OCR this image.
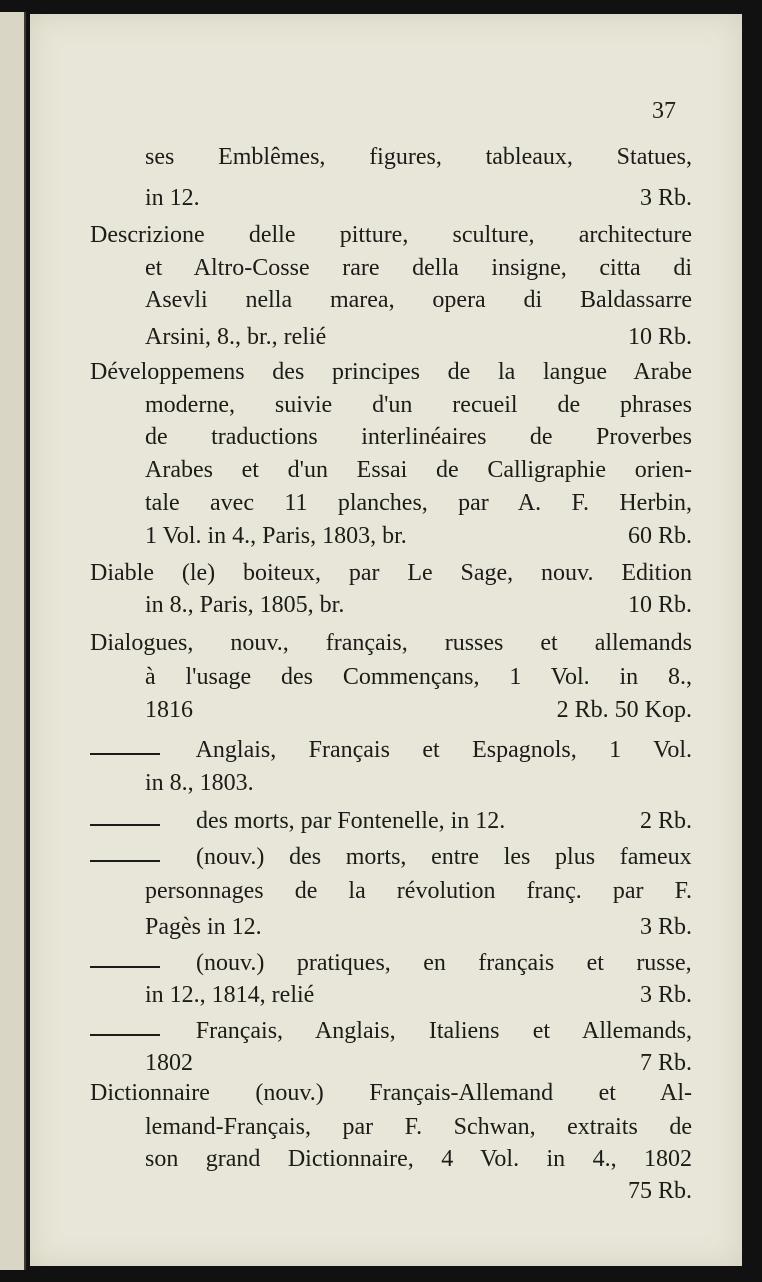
37
ses Emblêmes, figures, tableaux, Statues,
in 12.	3 Rb.
Descrizione delle pitture, sculture, architecture
et Altro-Cosse rare della insigne, citta di
Asevli nella marea, opera di Baldassarre
Arsini, 8., br., relié	10 Rb.
Développemens des principes de la langue Arabe
moderne, suivie d'un recueil de phrases
de traductions interlinéaires de Proverbes
Arabes et d'un Essai de Calligraphie orien-
tale avec 11 planches, par A. F. Herbin,
1 Vol. in 4., Paris, 1803, br.	60 Rb.
Diable (le) boiteux, par Le Sage, nouv. Edition
in 8., Paris, 1805, br.	10 Rb.
Dialogues, nouv., français, russes et allemands
à l'usage des Commençans, 1 Vol. in 8.,
1816	2 Rb. 50 Kop.
Anglais, Français et Espagnols, 1 Vol.
in 8., 1803.
des morts, par Fontenelle, in 12.	2 Rb.
(nouv.) des morts, entre les plus fameux
personnages de la révolution franç. par F.
Pagès in 12.	3 Rb.
(nouv.) pratiques, en français et russe,
in 12., 1814, relié	3 Rb.
Français, Anglais, Italiens et Allemands,
1802	7 Rb.
Dictionnaire (nouv.) Français-Allemand et Al-
lemand-Français, par F. Schwan, extraits de
son grand Dictionnaire, 4 Vol. in 4., 1802
75 Rb.
